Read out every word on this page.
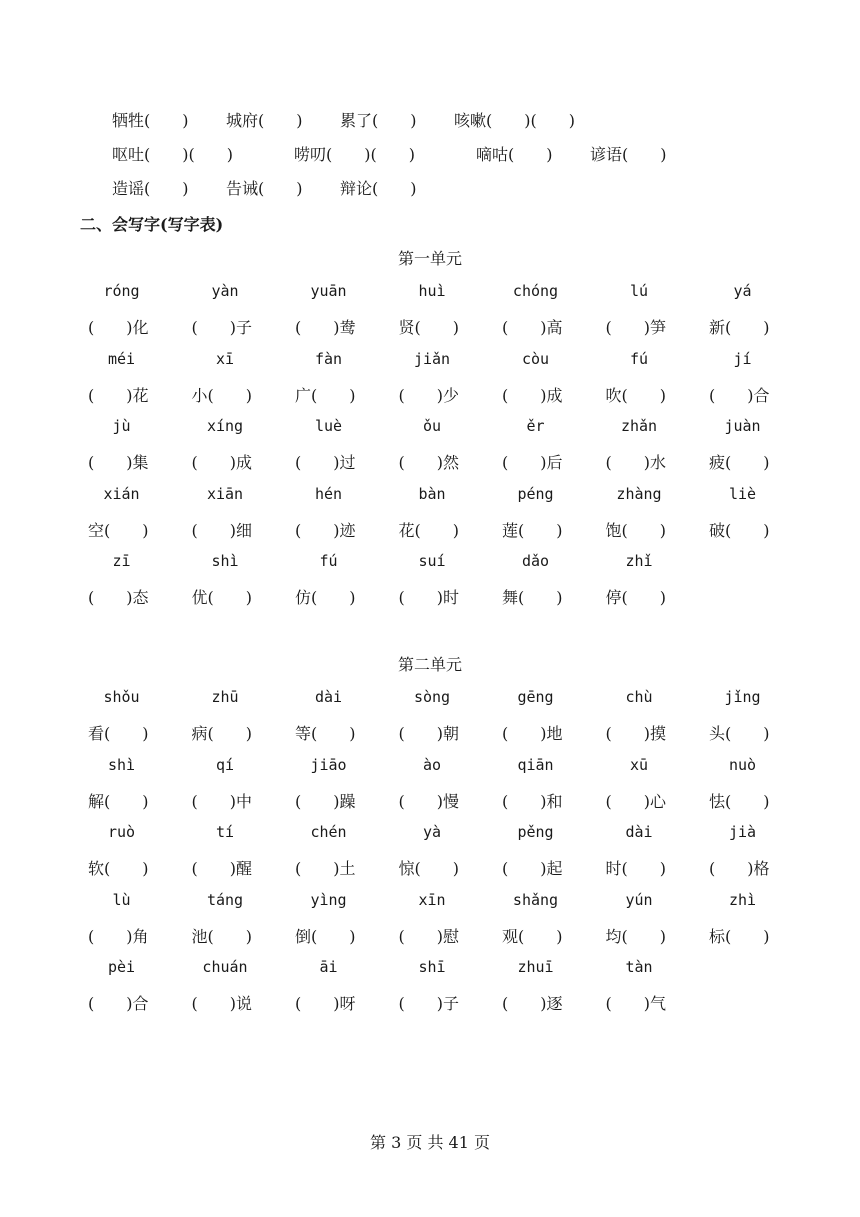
牺牲(　　) 城府(　　) 累了(　　) 咳嗽(　　)(　　)
呕吐(　　)(　　)	唠叨(　　)(　　)	嘀咕(　　) 谚语(　　)
造谣(　　) 告诫(　　) 辩论(　　)
二、会写字(写字表)
第一单元
róng
(　　)化
yàn
(　　)子
yuān
(　　)鸯
huì
贤(　　)
chóng
(　　)高
lú
(　　)笋
yá
新(　　)
méi
(　　)花
xī
小(　　)
fàn
广(　　)
jiǎn
(　　)少
còu
(　　)成
fú
吹(　　)
jí
(　　)合
jù
(　　)集
xíng
(　　)成
luè
(　　)过
ǒu
(　　)然
ěr
(　　)后
zhǎn
(　　)水
juàn
疲(　　)
xián
空(　　)
xiān
(　　)细
hén
(　　)迹
bàn
花(　　)
péng
莲(　　)
zhàng
饱(　　)
liè
破(　　)
zī
(　　)态
shì
优(　　)
fú
仿(　　)
suí
(　　)时
dǎo
舞(　　)
zhǐ
停(　　)
第二单元
shǒu
看(　　)
zhū
病(　　)
dài
等(　　)
sòng
(　　)朝
gēng
(　　)地
chù
(　　)摸
jǐng
头(　　)
shì
解(　　)
qí
(　　)中
jiāo
(　　)躁
ào
(　　)慢
qiān
(　　)和
xū
(　　)心
nuò
怯(　　)
ruò
软(　　)
tí
(　　)醒
chén
(　　)土
yà
惊(　　)
pěng
(　　)起
dài
时(　　)
jià
(　　)格
lù
(　　)角
táng
池(　　)
yìng
倒(　　)
xīn
(　　)慰
shǎng
观(　　)
yún
均(　　)
zhì
标(　　)
pèi
(　　)合
chuán
(　　)说
āi
(　　)呀
shī
(　　)子
zhuī
(　　)逐
tàn
(　　)气
第 3 页 共 41 页
